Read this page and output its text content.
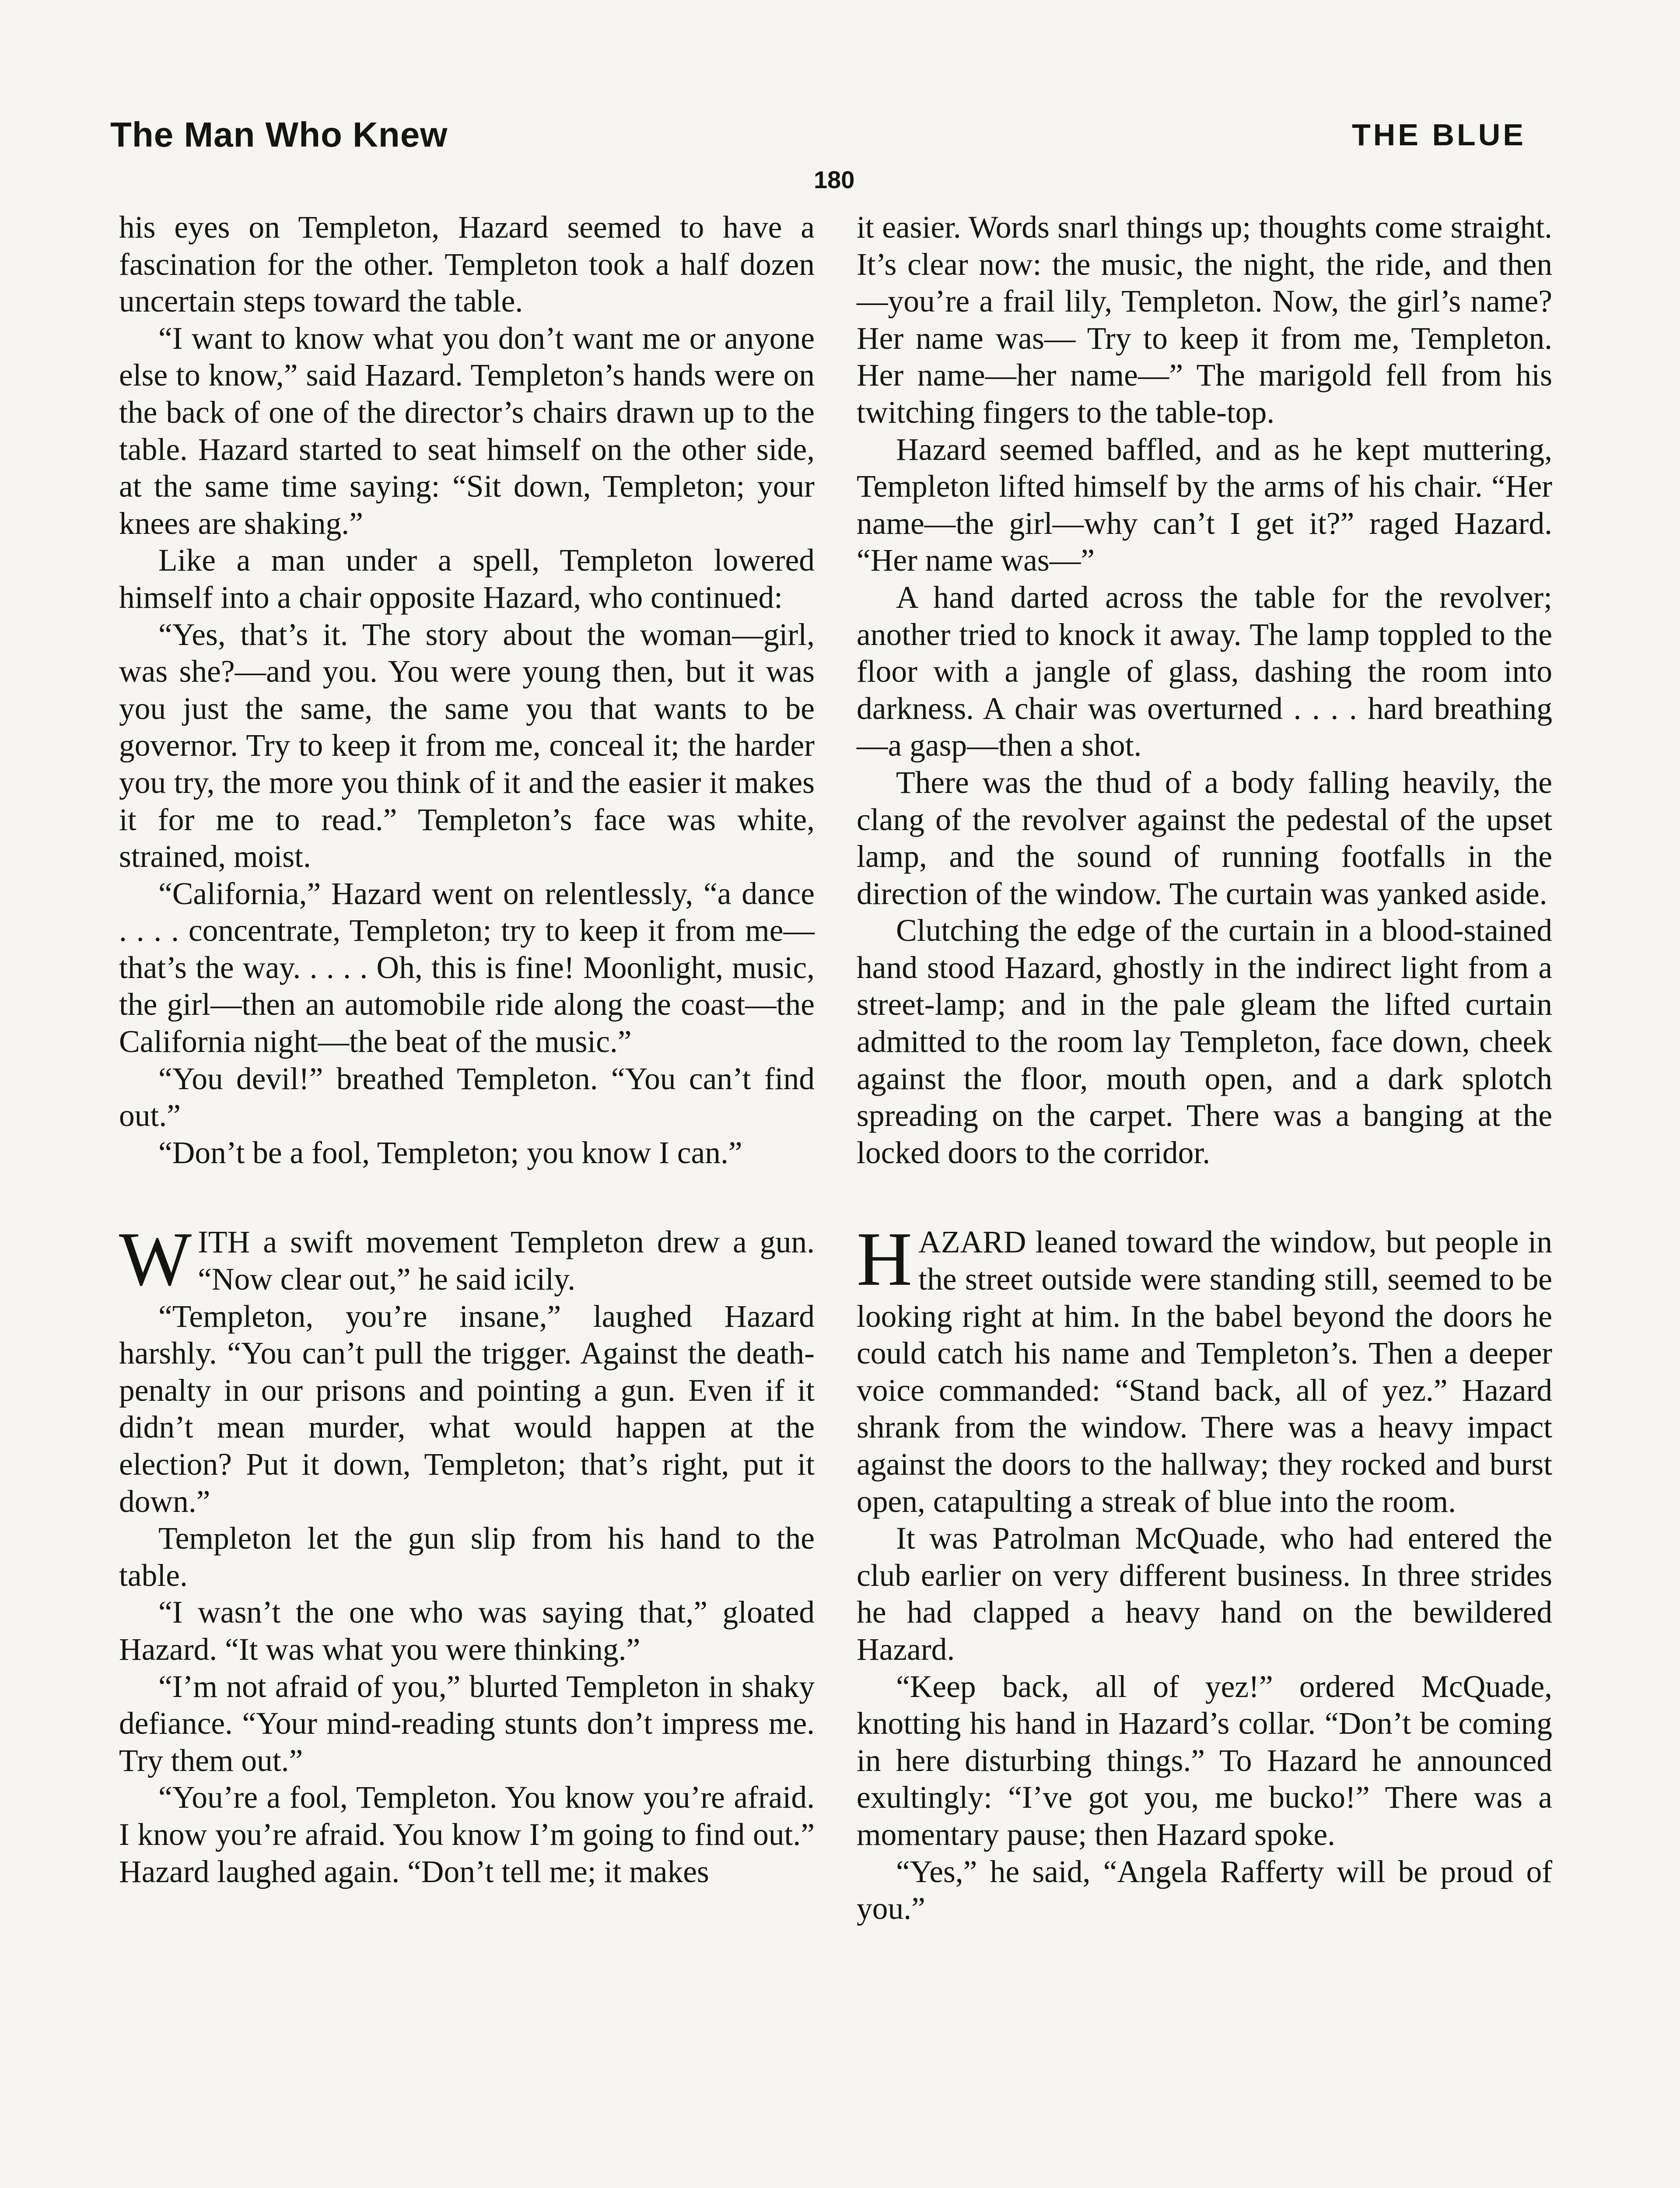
The Man Who Knew	THE BLUE
180

his eyes on Templeton, Hazard seemed to have a fascination for the other. Templeton took a half dozen uncertain steps toward the table.

“I want to know what you don’t want me or anyone else to know,” said Hazard. Templeton’s hands were on the back of one of the director’s chairs drawn up to the table. Hazard started to seat himself on the other side, at the same time saying: “Sit down, Templeton; your knees are shaking.”

Like a man under a spell, Templeton lowered himself into a chair opposite Hazard, who continued:

“Yes, that’s it. The story about the woman—girl, was she?—and you. You were young then, but it was you just the same, the same you that wants to be governor. Try to keep it from me, conceal it; the harder you try, the more you think of it and the easier it makes it for me to read.” Templeton’s face was white, strained, moist.

“California,” Hazard went on relentlessly, “a dance . . . . concentrate, Templeton; try to keep it from me—that’s the way. . . . . Oh, this is fine! Moonlight, music, the girl—then an automobile ride along the coast—the California night—the beat of the music.”

“You devil!” breathed Templeton. “You can’t find out.”

“Don’t be a fool, Templeton; you know I can.”

WITH a swift movement Templeton drew a gun. “Now clear out,” he said icily.

“Templeton, you’re insane,” laughed Hazard harshly. “You can’t pull the trigger. Against the death-penalty in our prisons and pointing a gun. Even if it didn’t mean murder, what would happen at the election? Put it down, Templeton; that’s right, put it down.”

Templeton let the gun slip from his hand to the table.

“I wasn’t the one who was saying that,” gloated Hazard. “It was what you were thinking.”

“I’m not afraid of you,” blurted Templeton in shaky defiance. “Your mind-reading stunts don’t impress me. Try them out.”

“You’re a fool, Templeton. You know you’re afraid. I know you’re afraid. You know I’m going to find out.” Hazard laughed again. “Don’t tell me; it makes

it easier. Words snarl things up; thoughts come straight. It’s clear now: the music, the night, the ride, and then—you’re a frail lily, Templeton. Now, the girl’s name? Her name was— Try to keep it from me, Templeton. Her name—her name—” The marigold fell from his twitching fingers to the table-top.

Hazard seemed baffled, and as he kept muttering, Templeton lifted himself by the arms of his chair. “Her name—the girl—why can’t I get it?” raged Hazard. “Her name was—”

A hand darted across the table for the revolver; another tried to knock it away. The lamp toppled to the floor with a jangle of glass, dashing the room into darkness. A chair was overturned . . . . hard breathing—a gasp—then a shot.

There was the thud of a body falling heavily, the clang of the revolver against the pedestal of the upset lamp, and the sound of running footfalls in the direction of the window. The curtain was yanked aside.

Clutching the edge of the curtain in a blood-stained hand stood Hazard, ghostly in the indirect light from a street-lamp; and in the pale gleam the lifted curtain admitted to the room lay Templeton, face down, cheek against the floor, mouth open, and a dark splotch spreading on the carpet. There was a banging at the locked doors to the corridor.

HAZARD leaned toward the window, but people in the street outside were standing still, seemed to be looking right at him. In the babel beyond the doors he could catch his name and Templeton’s. Then a deeper voice commanded: “Stand back, all of yez.” Hazard shrank from the window. There was a heavy impact against the doors to the hallway; they rocked and burst open, catapulting a streak of blue into the room.

It was Patrolman McQuade, who had entered the club earlier on very different business. In three strides he had clapped a heavy hand on the bewildered Hazard.

“Keep back, all of yez!” ordered McQuade, knotting his hand in Hazard’s collar. “Don’t be coming in here disturbing things.” To Hazard he announced exultingly: “I’ve got you, me bucko!” There was a momentary pause; then Hazard spoke.

“Yes,” he said, “Angela Rafferty will be proud of you.”
